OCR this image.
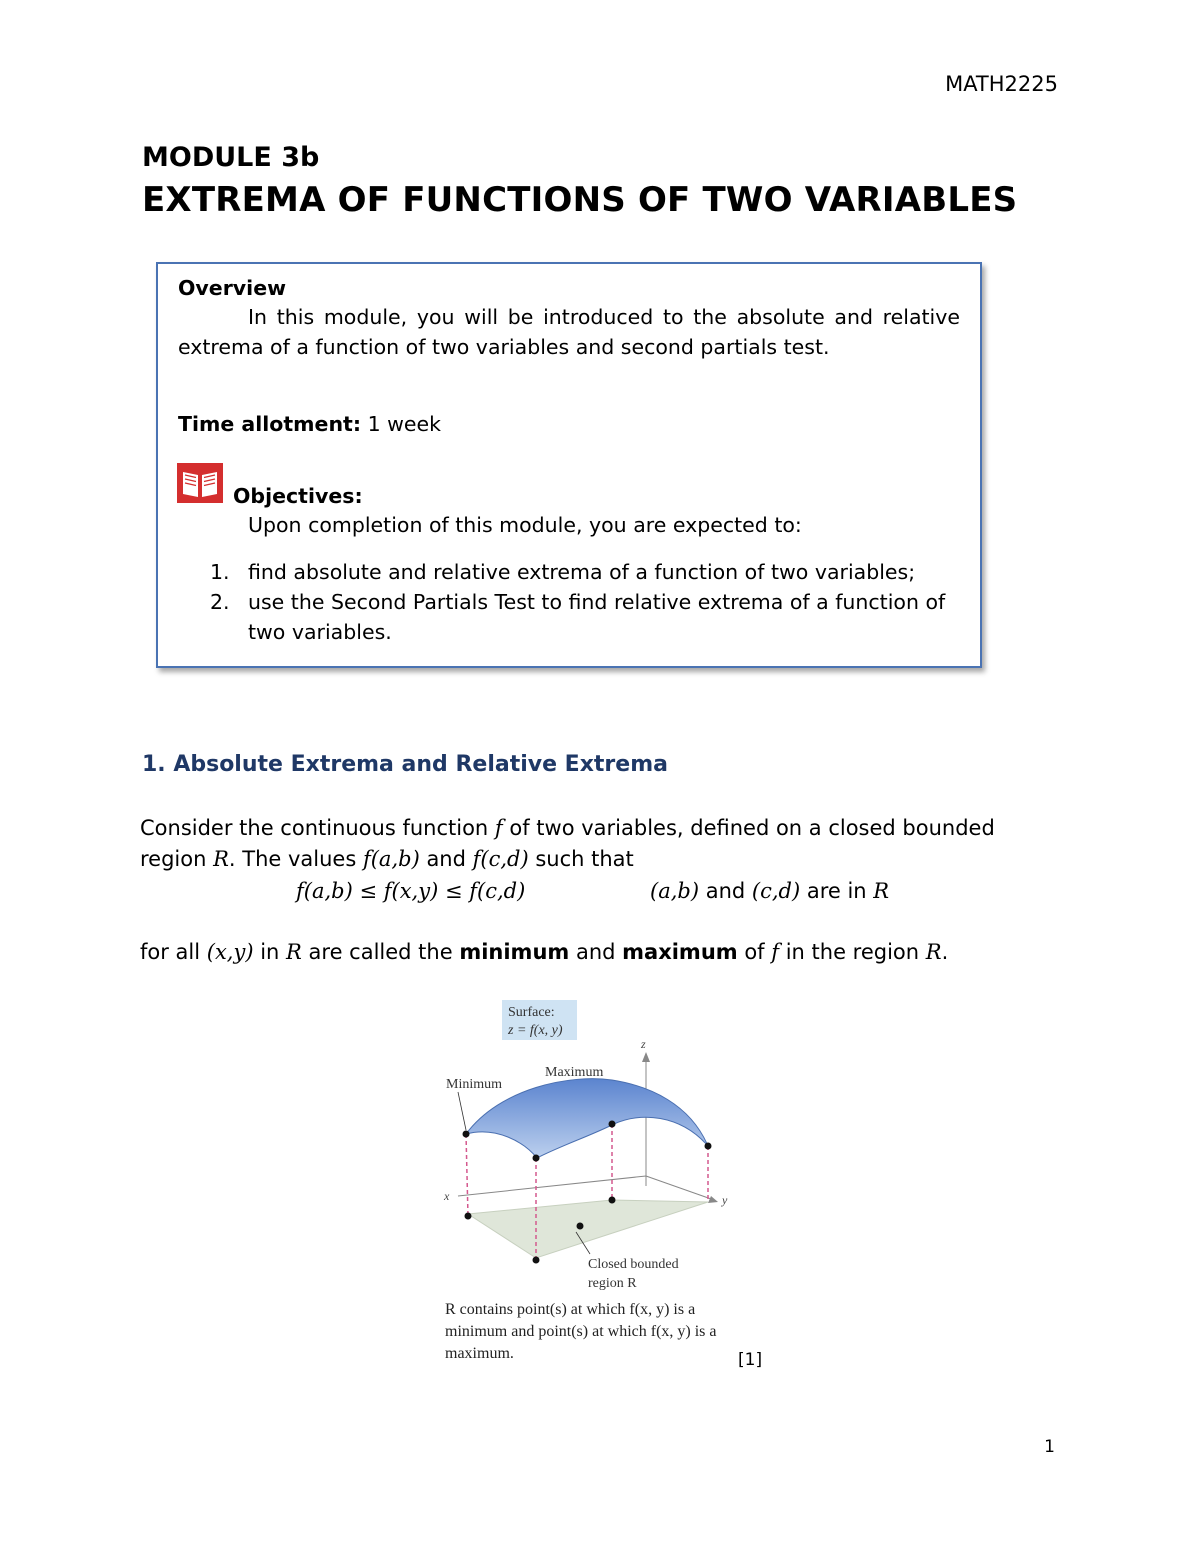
MATH2225
MODULE 3b
EXTREMA OF FUNCTIONS OF TWO VARIABLES
Overview
In this module, you will be introduced to the absolute and relative extrema of a function of two variables and second partials test.
Time allotment: 1 week
Objectives:
Upon completion of this module, you are expected to:
1. find absolute and relative extrema of a function of two variables;
2. use the Second Partials Test to find relative extrema of a function of two variables.
1. Absolute Extrema and Relative Extrema
Consider the continuous function f of two variables, defined on a closed bounded region R. The values f(a,b) and f(c,d) such that
f(a,b) ≤ f(x,y) ≤ f(c,d)	(a,b) and (c,d) are in R
for all (x,y) in R are called the minimum and maximum of f in the region R.
Surface:
z = f(x, y)
z
x	y
Minimum
Maximum
Closed bounded
region R
R contains point(s) at which f(x, y) is a
minimum and point(s) at which f(x, y) is a
maximum.	[1]
1
